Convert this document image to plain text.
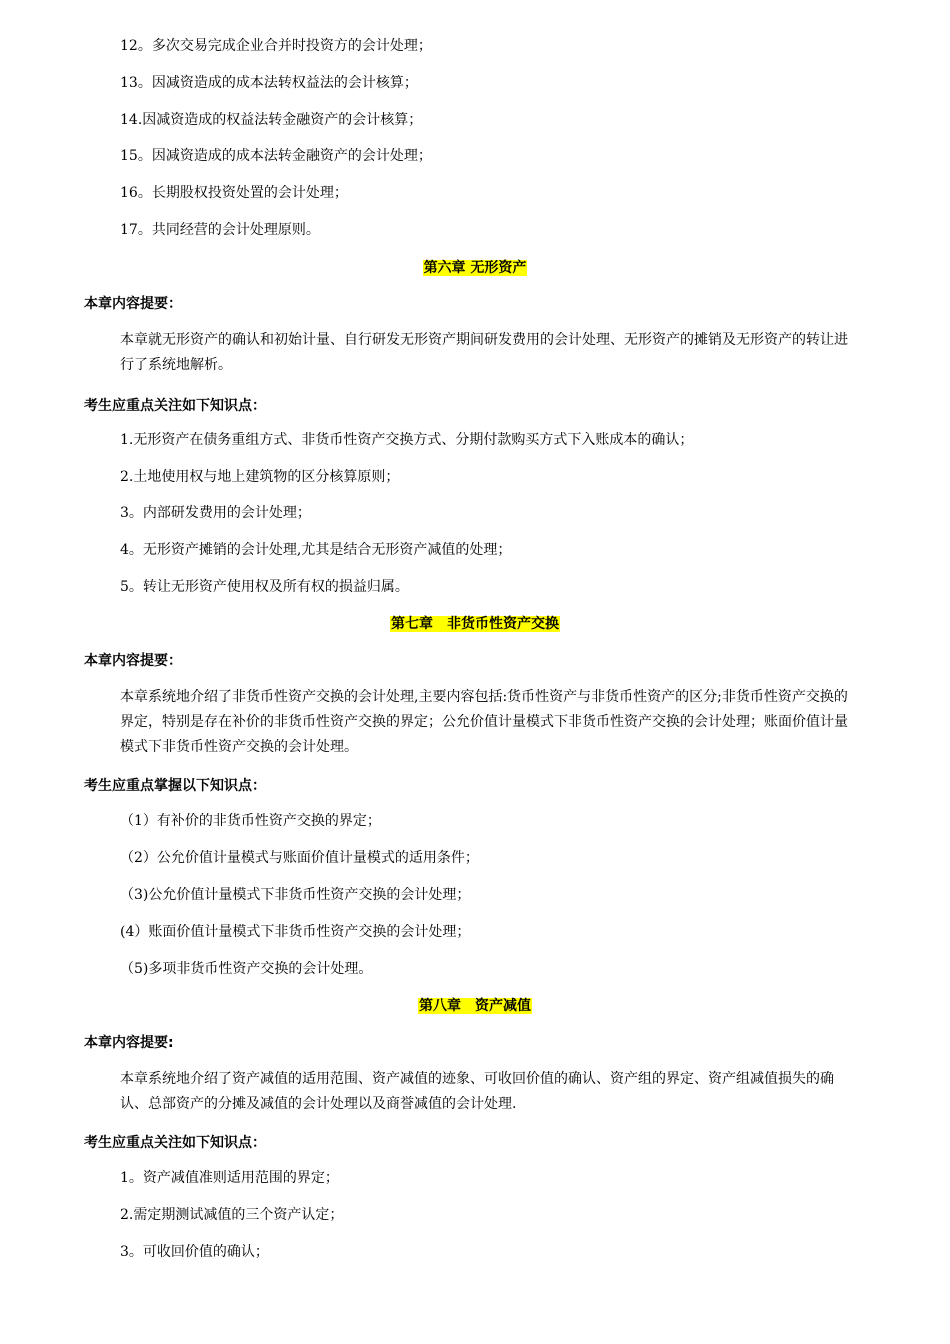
12。多次交易完成企业合并时投资方的会计处理；
13。因减资造成的成本法转权益法的会计核算；
14.因减资造成的权益法转金融资产的会计核算；
15。因减资造成的成本法转金融资产的会计处理；
16。长期股权投资处置的会计处理；
17。共同经营的会计处理原则。
第六章 无形资产
本章内容提要：
本章就无形资产的确认和初始计量、自行研发无形资产期间研发费用的会计处理、无形资产的摊销及无形资产的转让进行了系统地解析。
考生应重点关注如下知识点：
1.无形资产在债务重组方式、非货币性资产交换方式、分期付款购买方式下入账成本的确认；
2.土地使用权与地上建筑物的区分核算原则；
3。内部研发费用的会计处理；
4。无形资产摊销的会计处理,尤其是结合无形资产减值的处理；
5。转让无形资产使用权及所有权的损益归属。
第七章　非货币性资产交换
本章内容提要：
本章系统地介绍了非货币性资产交换的会计处理,主要内容包括:货币性资产与非货币性资产的区分;非货币性资产交换的界定，特别是存在补价的非货币性资产交换的界定；公允价值计量模式下非货币性资产交换的会计处理；账面价值计量模式下非货币性资产交换的会计处理。
考生应重点掌握以下知识点：
（1）有补价的非货币性资产交换的界定；
（2）公允价值计量模式与账面价值计量模式的适用条件；
（3)公允价值计量模式下非货币性资产交换的会计处理；
(4）账面价值计量模式下非货币性资产交换的会计处理；
（5)多项非货币性资产交换的会计处理。
第八章　资产减值
本章内容提要:
本章系统地介绍了资产减值的适用范围、资产减值的迹象、可收回价值的确认、资产组的界定、资产组减值损失的确认、总部资产的分摊及减值的会计处理以及商誉减值的会计处理.
考生应重点关注如下知识点：
1。资产减值准则适用范围的界定；
2.需定期测试减值的三个资产认定；
3。可收回价值的确认；
